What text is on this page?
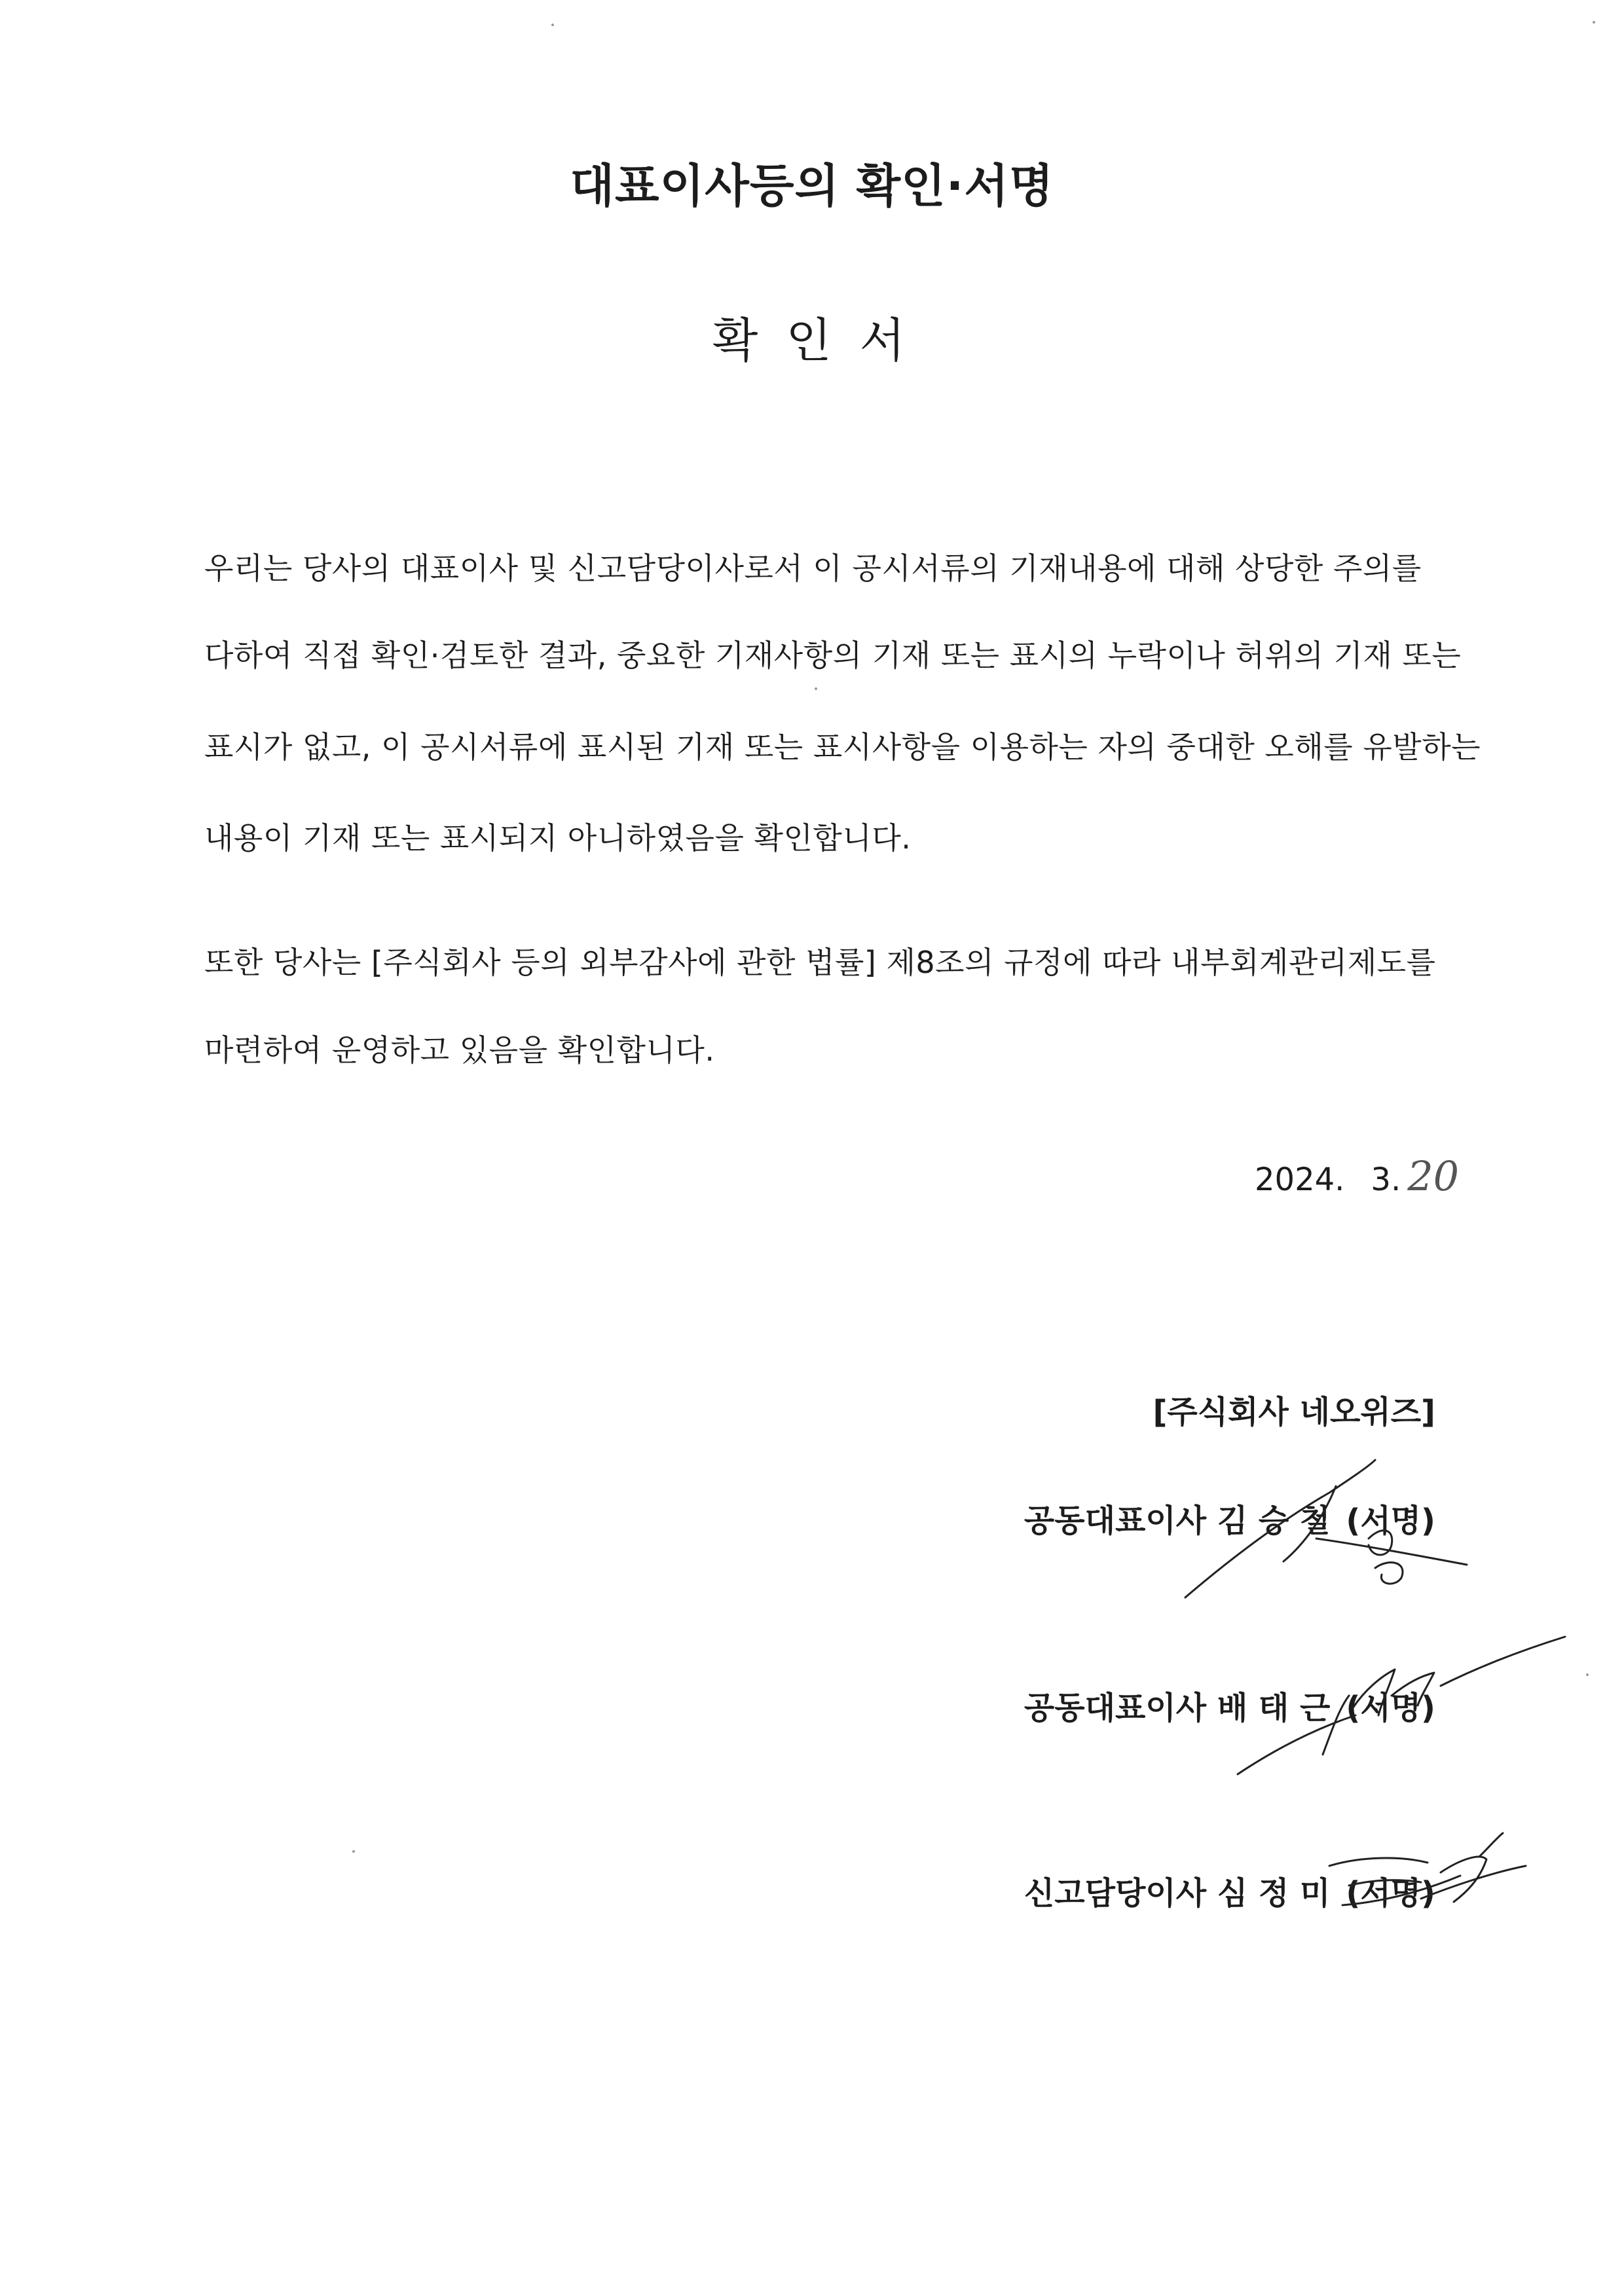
대표이사등의 확인·서명
확 인 서
우리는 당사의 대표이사 및 신고담당이사로서 이 공시서류의 기재내용에 대해 상당한 주의를
다하여 직접 확인·검토한 결과, 중요한 기재사항의 기재 또는 표시의 누락이나 허위의 기재 또는
표시가 없고, 이 공시서류에 표시된 기재 또는 표시사항을 이용하는 자의 중대한 오해를 유발하는
내용이 기재 또는 표시되지 아니하였음을 확인합니다.
또한 당사는 [주식회사 등의 외부감사에 관한 법률] 제8조의 규정에 따라 내부회계관리제도를
마련하여 운영하고 있음을 확인합니다.
2024. 3. 20
[주식회사 네오위즈]
공동대표이사 김 승 철 (서명)
공동대표이사 배 태 근 (서명)
신고담당이사 심 정 미 (서명)
